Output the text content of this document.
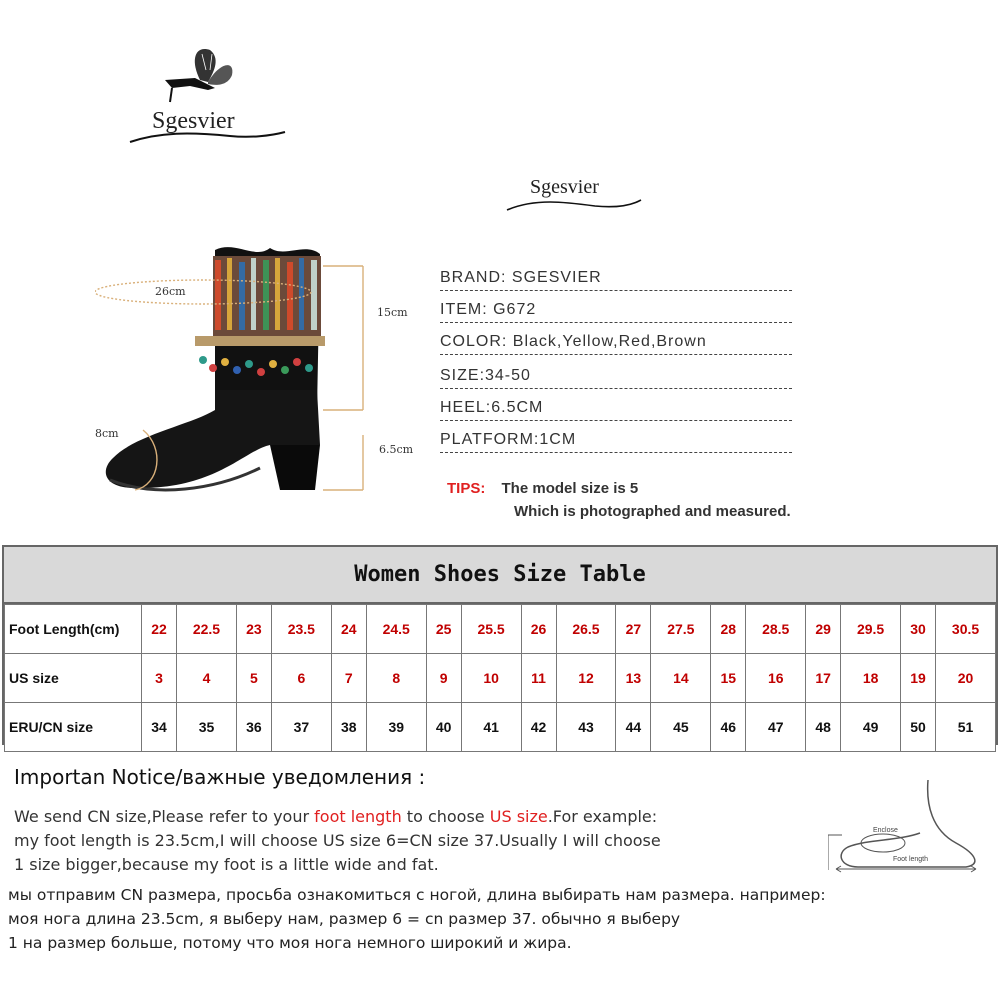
Sgesvier
Sgesvier
26cm
15cm
8cm
6.5cm
BRAND: SGESVIER
ITEM: G672
COLOR: Black,Yellow,Red,Brown
SIZE:34-50
HEEL:6.5CM
PLATFORM:1CM
TIPS: The model size is 5
Which is photographed and measured.
Women Shoes Size Table
Foot Length(cm)	22	22.5	23	23.5	24	24.5	25	25.5	26	26.5	27	27.5	28	28.5	29	29.5	30	30.5
US size	3	4	5	6	7	8	9	10	11	12	13	14	15	16	17	18	19	20
ERU/CN size	34	35	36	37	38	39	40	41	42	43	44	45	46	47	48	49	50	51
Importan Notice/важные уведомления :
We send CN size,Please refer to your foot length to choose US size.For example:
my foot length is 23.5cm,I will choose US size 6=CN size 37.Usually I will choose
1 size bigger,because my foot is a little wide and fat.
мы отправим CN размера, просьба ознакомиться с ногой, длина выбирать нам размера. например:
моя нога длина 23.5cm, я выберу нам, размер 6 = cn размер 37. обычно я выберу
1 на размер больше, потому что моя нога немного широкий и жира.
Enclose
Foot length
